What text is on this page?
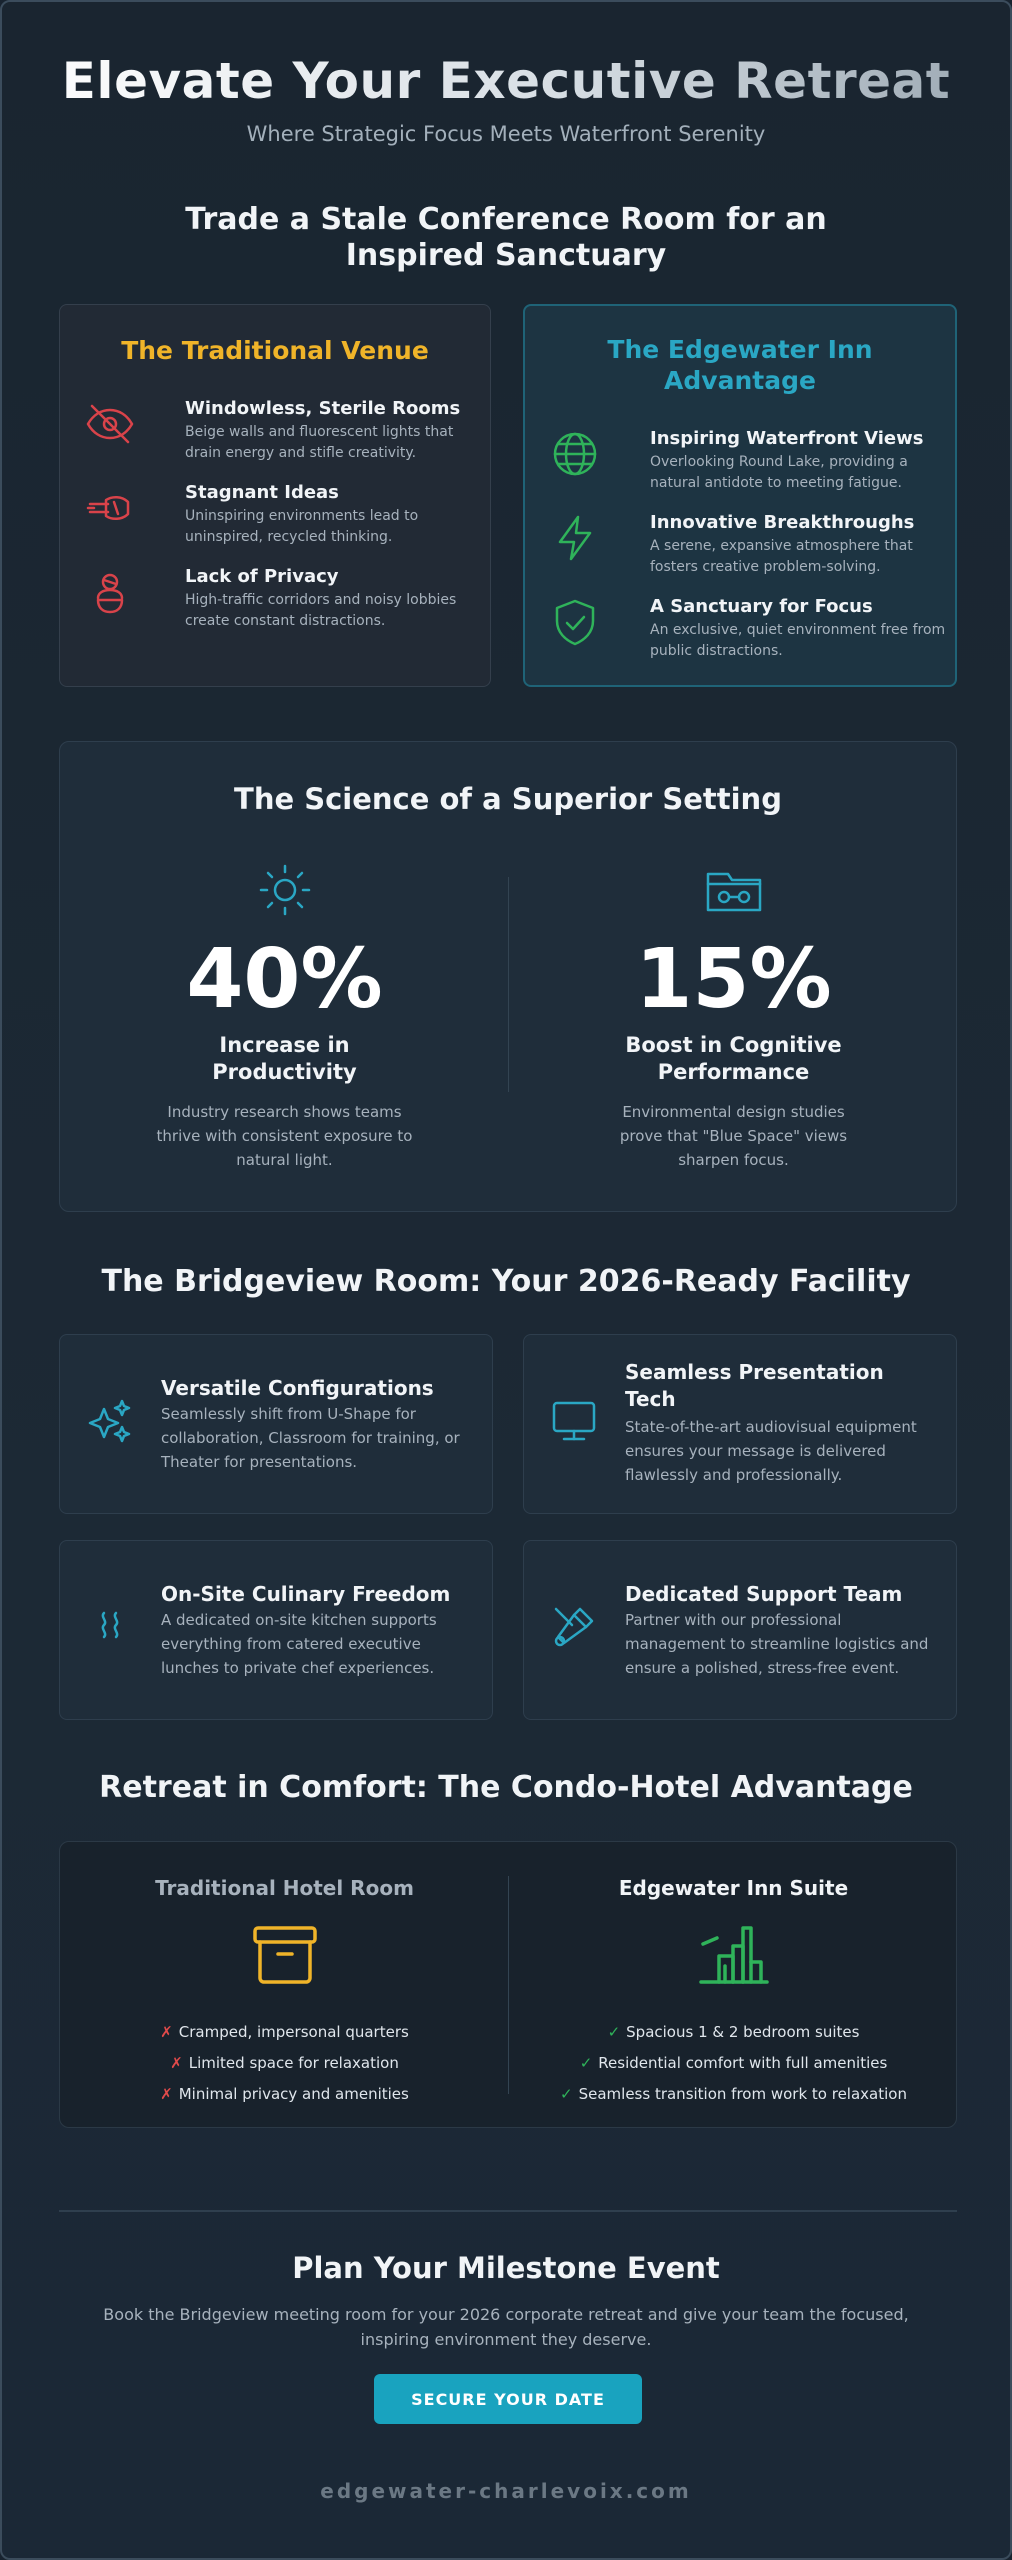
Elevate Your Executive Retreat

Where Strategic Focus Meets Waterfront Serenity

Trade a Stale Conference Room for an Inspired Sanctuary
The Traditional Venue
Windowless, Sterile Rooms
Beige walls and fluorescent lights that drain energy and stifle creativity.
Stagnant Ideas
Uninspiring environments lead to uninspired, recycled thinking.
Lack of Privacy
High-traffic corridors and noisy lobbies create constant distractions.
The Edgewater Inn Advantage
Inspiring Waterfront Views
Overlooking Round Lake, providing a natural antidote to meeting fatigue.
Innovative Breakthroughs
A serene, expansive atmosphere that fosters creative problem-solving.
A Sanctuary for Focus
An exclusive, quiet environment free from public distractions.
The Science of a Superior Setting
40%
Increase in Productivity
Industry research shows teams thrive with consistent exposure to natural light.
15%
Boost in Cognitive Performance
Environmental design studies prove that "Blue Space" views sharpen focus.
The Bridgeview Room: Your 2026-Ready Facility
Versatile Configurations
Seamlessly shift from U-Shape for collaboration, Classroom for training, or Theater for presentations.
Seamless Presentation Tech
State-of-the-art audiovisual equipment ensures your message is delivered flawlessly and professionally.
On-Site Culinary Freedom
A dedicated on-site kitchen supports everything from catered executive lunches to private chef experiences.
Dedicated Support Team
Partner with our professional management to streamline logistics and ensure a polished, stress-free event.
Retreat in Comfort: The Condo-Hotel Advantage
Traditional Hotel Room
✗ Cramped, impersonal quarters
✗ Limited space for relaxation
✗ Minimal privacy and amenities
Edgewater Inn Suite
✓ Spacious 1 & 2 bedroom suites
✓ Residential comfort with full amenities
✓ Seamless transition from work to relaxation
Plan Your Milestone Event

Book the Bridgeview meeting room for your 2026 corporate retreat and give your team the focused, inspiring environment they deserve.

SECURE YOUR DATE
edgewater-charlevoix.com
